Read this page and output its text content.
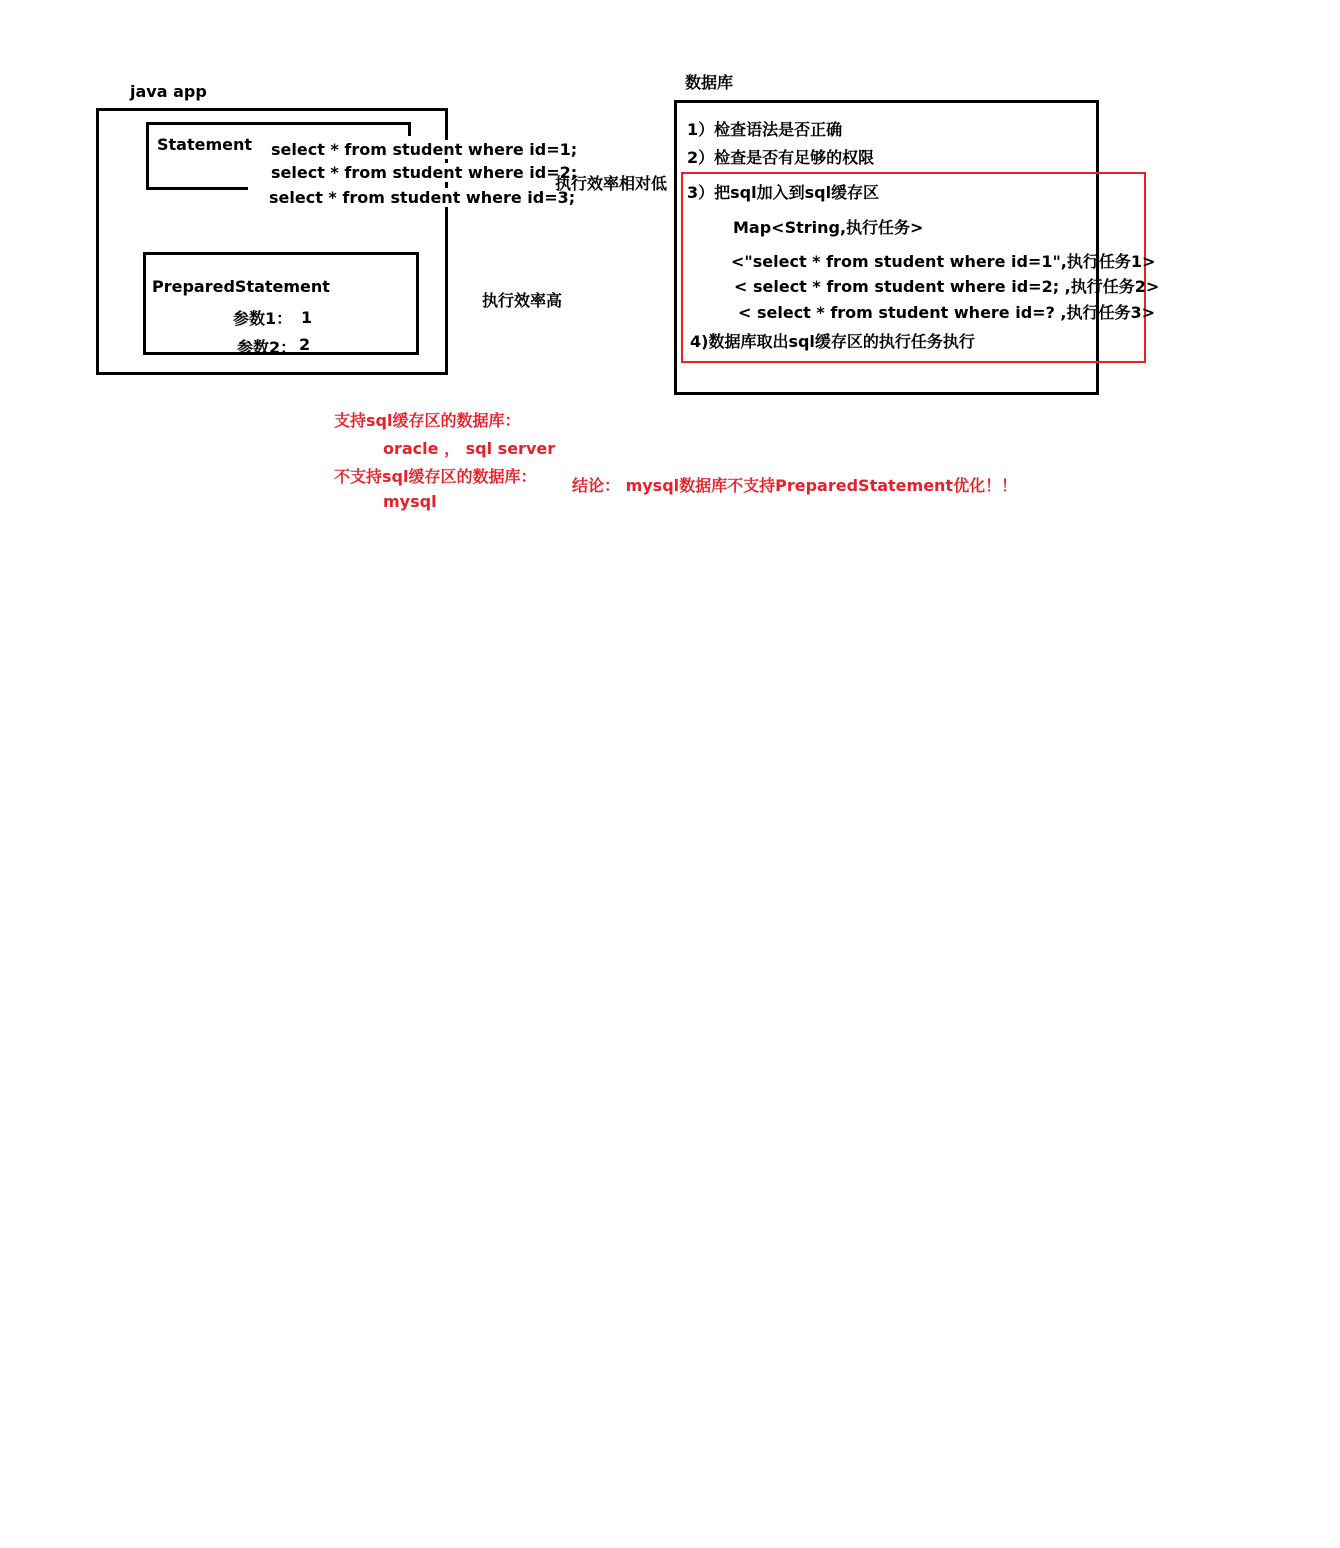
java app
Statement select * from student where id=1;
select * from student where id=2;
select * from student where id=3;
执行效率相对低
PreparedStatement
参数1： 1
参数2： 2
执行效率高
数据库
1）检查语法是否正确
2）检查是否有足够的权限
3）把sql加入到sql缓存区
Map<String,执行任务>
<"select * from student where id=1",执行任务1>
< select * from student where id=2; ,执行任务2>
< select * from student where id=? ,执行任务3>
4)数据库取出sql缓存区的执行任务执行
支持sql缓存区的数据库：
oracle ， sql server
不支持sql缓存区的数据库：
mysql
结论： mysql数据库不支持PreparedStatement优化！！
